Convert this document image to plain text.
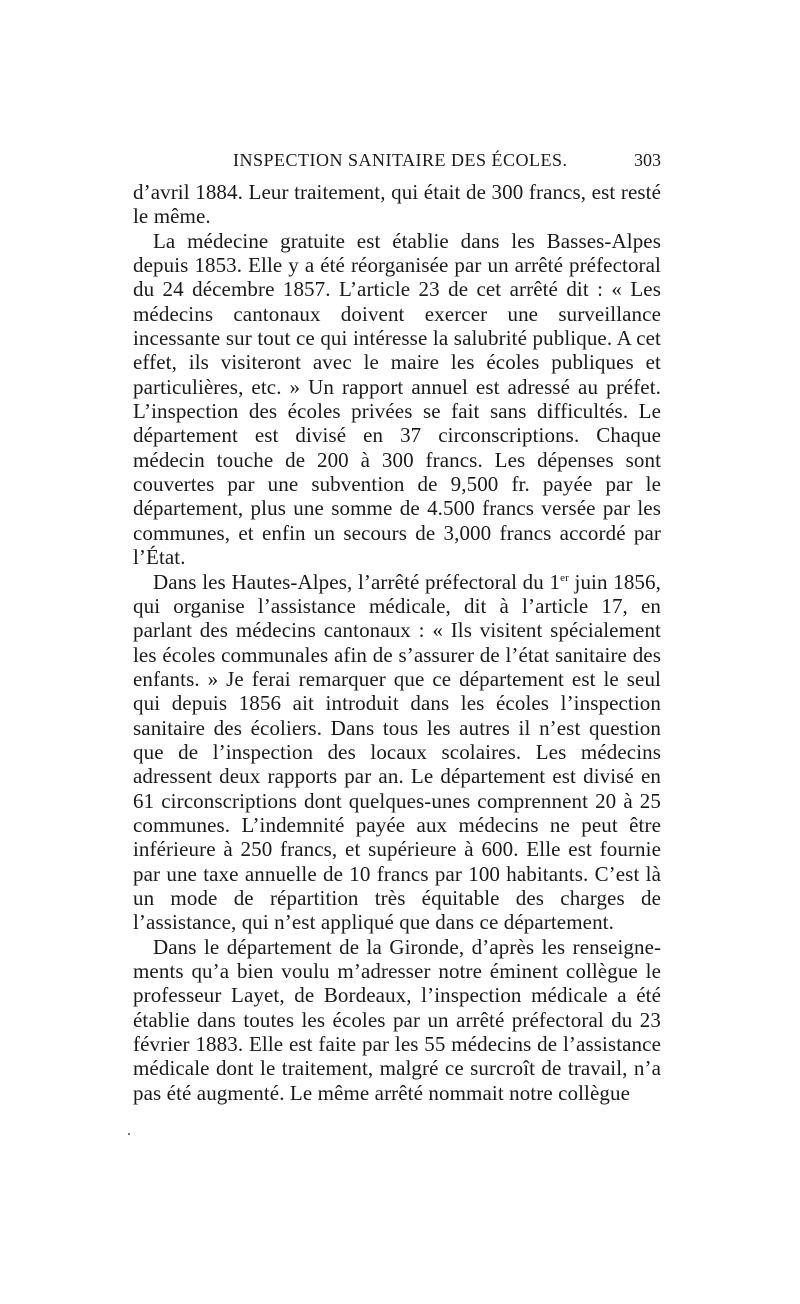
INSPECTION SANITAIRE DES ÉCOLES.	303

d’avril 1884. Leur traitement, qui était de 300 francs, est resté le même.

La médecine gratuite est établie dans les Basses-Alpes depuis 1853. Elle y a été réorganisée par un arrêté préfectoral du 24 décembre 1857. L’article 23 de cet arrêté dit : « Les médecins cantonaux doivent exercer une surveillance incessante sur tout ce qui intéresse la salubrité publique. A cet effet, ils visiteront avec le maire les écoles publiques et particulières, etc. » Un rapport annuel est adressé au préfet. L’inspection des écoles privées se fait sans difficultés. Le département est divisé en 37 circonscriptions. Chaque médecin touche de 200 à 300 francs. Les dépenses sont couvertes par une subvention de 9,500 fr. payée par le département, plus une somme de 4.500 francs versée par les communes, et enfin un secours de 3,000 francs accordé par l’État.

Dans les Hautes-Alpes, l’arrêté préfectoral du 1er juin 1856, qui organise l’assistance médicale, dit à l’article 17, en parlant des médecins cantonaux : « Ils visitent spécialement les écoles communales afin de s’assurer de l’état sanitaire des enfants. » Je ferai remarquer que ce département est le seul qui depuis 1856 ait introduit dans les écoles l’inspection sanitaire des écoliers. Dans tous les autres il n’est question que de l’inspection des locaux scolaires. Les médecins adressent deux rapports par an. Le département est divisé en 61 circonscriptions dont quelques-unes comprennent 20 à 25 communes. L’indemnité payée aux médecins ne peut être inférieure à 250 francs, et supérieure à 600. Elle est fournie par une taxe annuelle de 10 francs par 100 habitants. C’est là un mode de répartition très équitable des charges de l’assistance, qui n’est appliqué que dans ce département.

Dans le département de la Gironde, d’après les renseignements qu’a bien voulu m’adresser notre éminent collègue le professeur Layet, de Bordeaux, l’inspection médicale a été établie dans toutes les écoles par un arrêté préfectoral du 23 février 1883. Elle est faite par les 55 médecins de l’assistance médicale dont le traitement, malgré ce surcroît de travail, n’a pas été augmenté. Le même arrêté nommait notre collègue
